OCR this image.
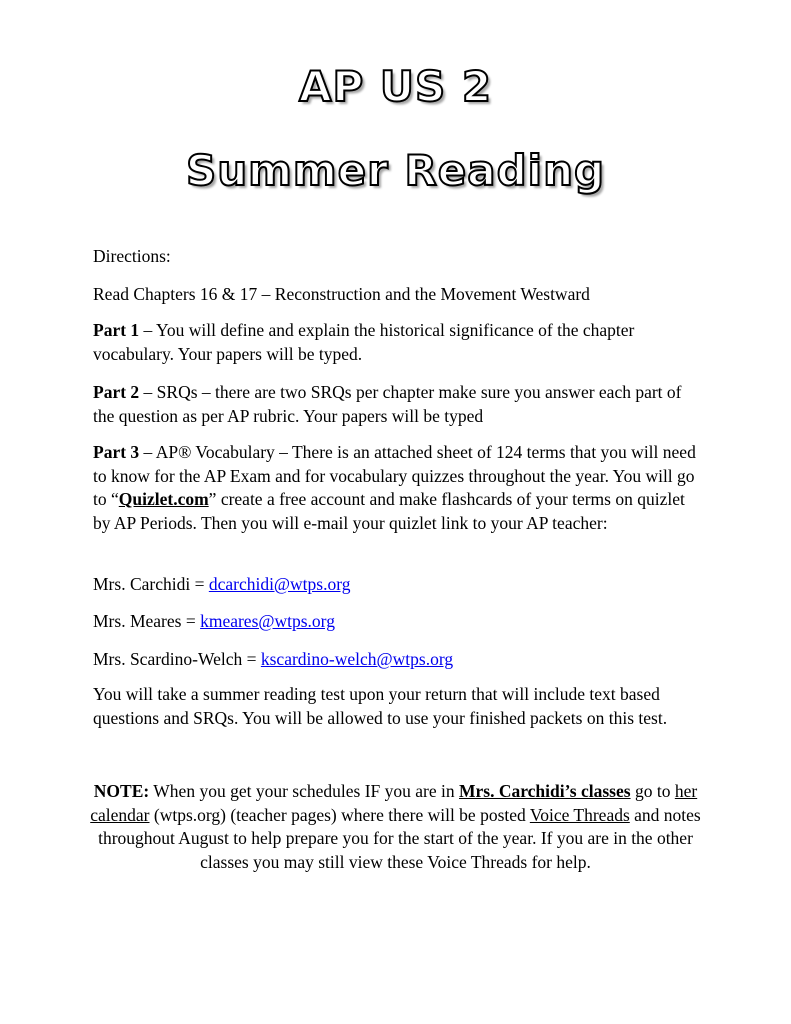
AP US 2
Summer Reading
Directions:
Read Chapters 16 & 17 – Reconstruction and the Movement Westward
Part 1 – You will define and explain the historical significance of the chapter vocabulary. Your papers will be typed.
Part 2 – SRQs – there are two SRQs per chapter make sure you answer each part of the question as per AP rubric. Your papers will be typed
Part 3 – AP® Vocabulary – There is an attached sheet of 124 terms that you will need to know for the AP Exam and for vocabulary quizzes throughout the year. You will go to “Quizlet.com” create a free account and make flashcards of your terms on quizlet by AP Periods. Then you will e-mail your quizlet link to your AP teacher:
Mrs. Carchidi = dcarchidi@wtps.org
Mrs. Meares = kmeares@wtps.org
Mrs. Scardino-Welch = kscardino-welch@wtps.org
You will take a summer reading test upon your return that will include text based questions and SRQs. You will be allowed to use your finished packets on this test.
NOTE: When you get your schedules IF you are in Mrs. Carchidi’s classes go to her calendar (wtps.org) (teacher pages) where there will be posted Voice Threads and notes throughout August to help prepare you for the start of the year. If you are in the other classes you may still view these Voice Threads for help.
